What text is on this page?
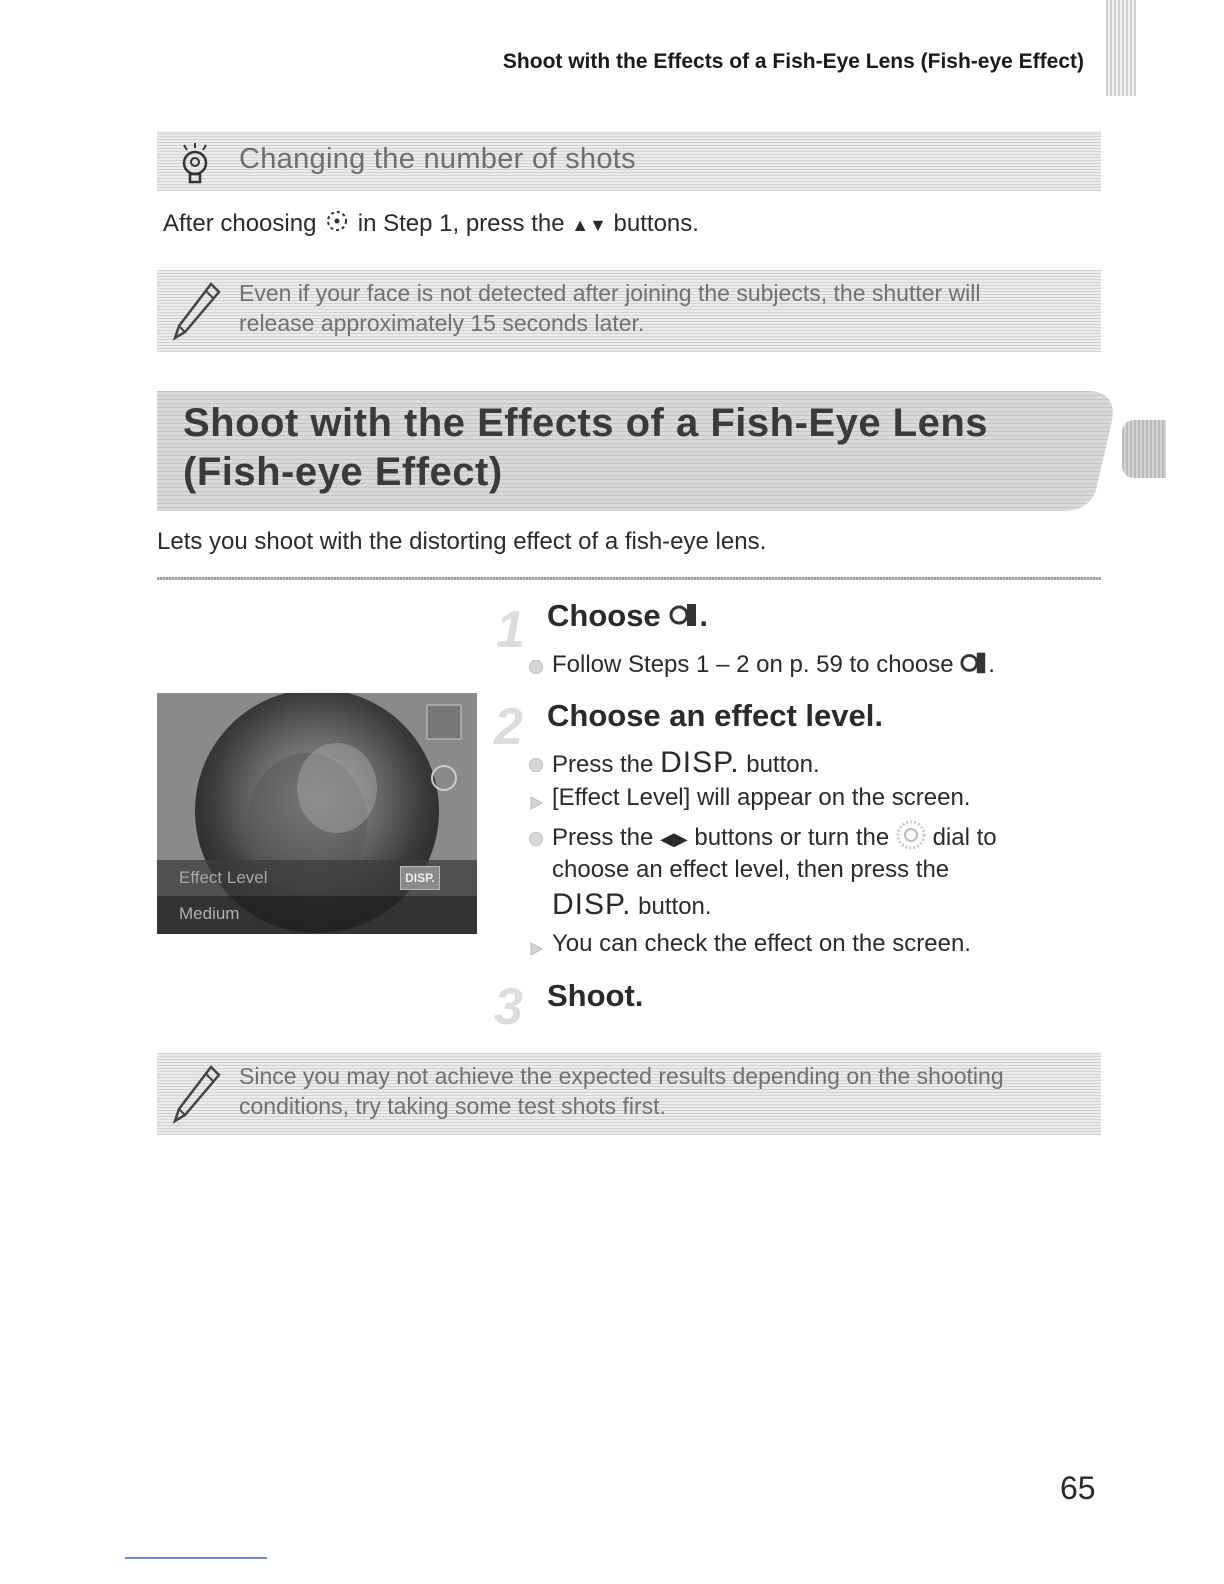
Shoot with the Effects of a Fish-Eye Lens (Fish-eye Effect)
Changing the number of shots
After choosing in Step 1, press the ▲▼ buttons.
Even if your face is not detected after joining the subjects, the shutter will
release approximately 15 seconds later.
Shoot with the Effects of a Fish-Eye Lens
(Fish-eye Effect)
Lets you shoot with the distorting effect of a fish-eye lens.
1 Choose .
Follow Steps 1 – 2 on p. 59 to choose .
2 Choose an effect level.
Press the DISP. button.
[Effect Level] will appear on the screen.
Press the ◀▶ buttons or turn the dial to
choose an effect level, then press the
DISP. button.
You can check the effect on the screen.
3 Shoot.
Effect Level
Medium
DISP.
Since you may not achieve the expected results depending on the shooting
conditions, try taking some test shots first.
65
